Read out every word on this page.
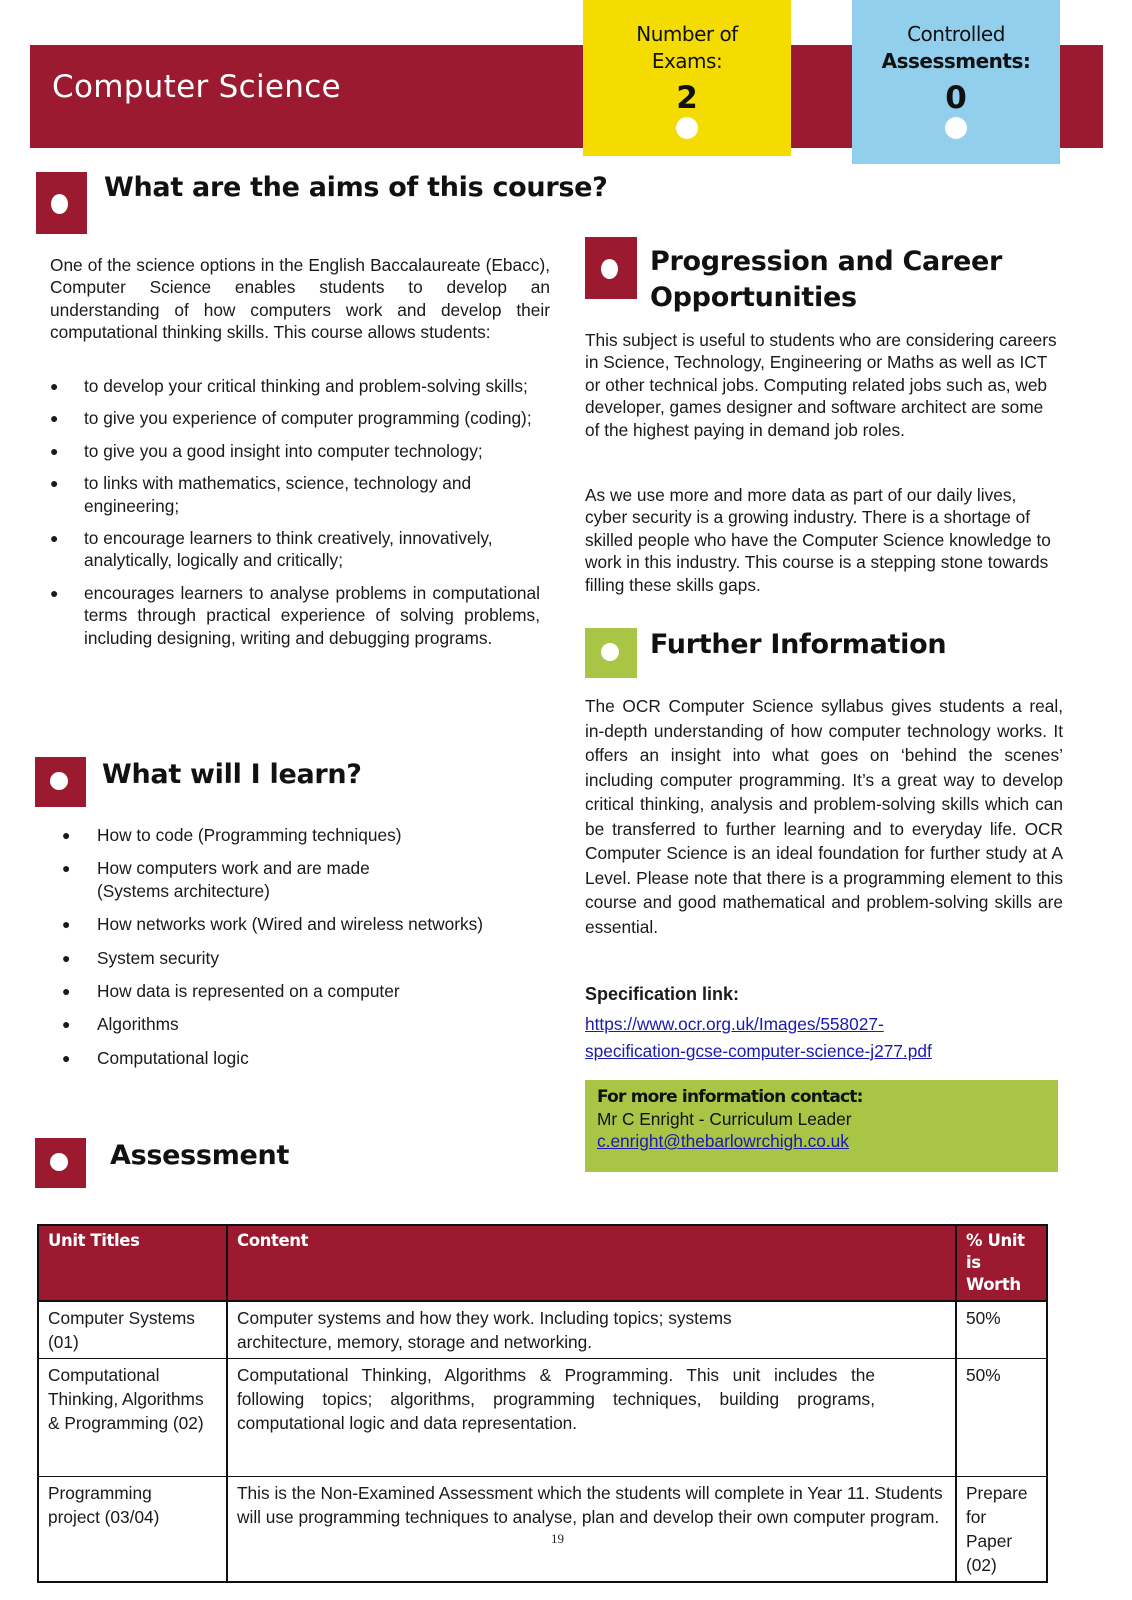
Computer Science
Number of
Exams:
2
Controlled
Assessments:
0
What are the aims of this course?
One of the science options in the English Baccalaureate (Ebacc), Computer Science enables students to develop an understanding of how computers work and develop their computational thinking skills. This course allows students:
● to develop your critical thinking and problem-solving skills;
● to give you experience of computer programming (coding);
● to give you a good insight into computer technology;
● to links with mathematics, science, technology and engineering;
● to encourage learners to think creatively, innovatively, analytically, logically and critically;
● encourages learners to analyse problems in computational terms through practical experience of solving problems, including designing, writing and debugging programs.
What will I learn?
● How to code (Programming techniques)
● How computers work and are made (Systems architecture)
● How networks work (Wired and wireless networks)
● System security
● How data is represented on a computer
● Algorithms
● Computational logic
Assessment
Progression and Career
Opportunities
This subject is useful to students who are considering careers in Science, Technology, Engineering or Maths as well as ICT or other technical jobs. Computing related jobs such as, web developer, games designer and software architect are some of the highest paying in demand job roles.
As we use more and more data as part of our daily lives, cyber security is a growing industry. There is a shortage of skilled people who have the Computer Science knowledge to work in this industry. This course is a stepping stone towards filling these skills gaps.
Further Information
The OCR Computer Science syllabus gives students a real, in-depth understanding of how computer technology works. It offers an insight into what goes on ‘behind the scenes’ including computer programming. It’s a great way to develop critical thinking, analysis and problem-solving skills which can be transferred to further learning and to everyday life. OCR Computer Science is an ideal foundation for further study at A Level. Please note that there is a programming element to this course and good mathematical and problem-solving skills are essential.
Specification link:
https://www.ocr.org.uk/Images/558027-
specification-gcse-computer-science-j277.pdf
For more information contact:
Mr C Enright - Curriculum Leader
c.enright@thebarlowrchigh.co.uk
Unit Titles	Content	% Unit is Worth
Computer Systems (01)	Computer systems and how they work. Including topics; systems architecture, memory, storage and networking.	50%
Computational Thinking, Algorithms & Programming (02)	Computational Thinking, Algorithms & Programming. This unit includes the following topics; algorithms, programming techniques, building programs, computational logic and data representation.	50%
Programming project (03/04)	This is the Non-Examined Assessment which the students will complete in Year 11. Students will use programming techniques to analyse, plan and develop their own computer program.	Prepare for Paper (02)
19
